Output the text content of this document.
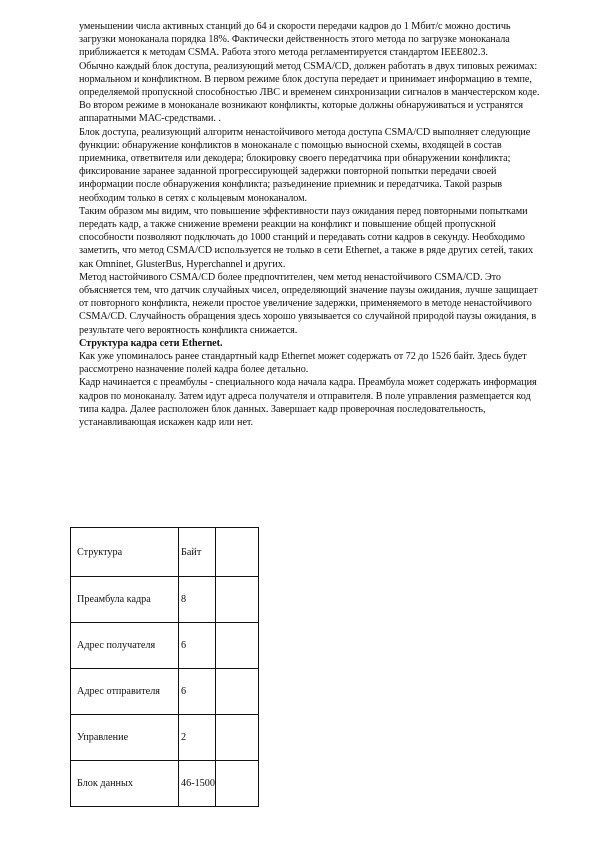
уменьшении числа активных станций до 64 и скорости передачи кадров до 1 Мбит/с можно достичь загрузки моноканала порядка 18%. Фактически действенность этого метода по загрузке моноканала приближается к методам CSMA. Работа этого метода регламентируется стандартом IEEE802.3.

Обычно каждый блок доступа, реализующий метод CSMA/CD, должен работать в двух типовых режимах: нормальном и конфликтном. В первом режиме блок доступа передает и принимает информацию в темпе, определяемой пропускной способностью ЛВС и временем синхронизации сигналов в манчестерском коде. Во втором режиме в моноканале возникают конфликты, которые должны обнаруживаться и устранятся аппаратными МАС-средствами. .

Блок доступа, реализующий алгоритм ненастойчивого метода доступа CSMA/CD выполняет следующие функции: обнаружение конфликтов в моноканале с помощью выносной схемы, входящей в состав приемника, ответвителя или декодера; блокировку своего передатчика при обнаружении конфликта; фиксирование заранее заданной прогрессирующей задержки повторной попытки передачи своей информации после обнаружения конфликта; разъединение приемник и передатчика. Такой разрыв необходим только в сетях с кольцевым моноканалом.

Таким образом мы видим, что повышение эффективности пауз ожидания перед повторными попытками передать кадр, а также снижение времени реакции на конфликт и повышение общей пропускной способности позволяют подключать до 1000 станций и передавать сотни кадров в секунду. Необходимо заметить, что метод CSMA/CD используется не только в сети Ethernet, а также в ряде других сетей, таких как Omninet, GlusterBus, Hyperchannel и других.

Метод настойчивого CSMA/CD более предпочтителен, чем метод ненастойчивого CSMA/CD. Это объясняется тем, что датчик случайных чисел, определяющий значение паузы ожидания, лучше защищает от повторного конфликта, нежели простое увеличение задержки, применяемого в методе ненастойчивого CSMA/CD. Случайность обращения здесь хорошо увязывается со случайной природой паузы ожидания, в результате чего вероятность конфликта снижается.

Структура кадра сети Ethernet.

Как уже упоминалось ранее стандартный кадр Ethernet может содержать от 72 до 1526 байт. Здесь будет рассмотрено назначение полей кадра более детально.

Кадр начинается с преамбулы - специального кода начала кадра. Преамбула может содержать информация кадров по моноканалу. Затем идут адреса получателя и отправителя. В поле управления размещается код типа кадра. Далее расположен блок данных. Завершает кадр проверочная последовательность, устанавливающая искажен кадр или нет.

Структура	Байт	
Преамбула кадра	8	
Адрес получателя	6	
Адрес отправителя	6	
Управление	2	
Блок данных	46-1500	
